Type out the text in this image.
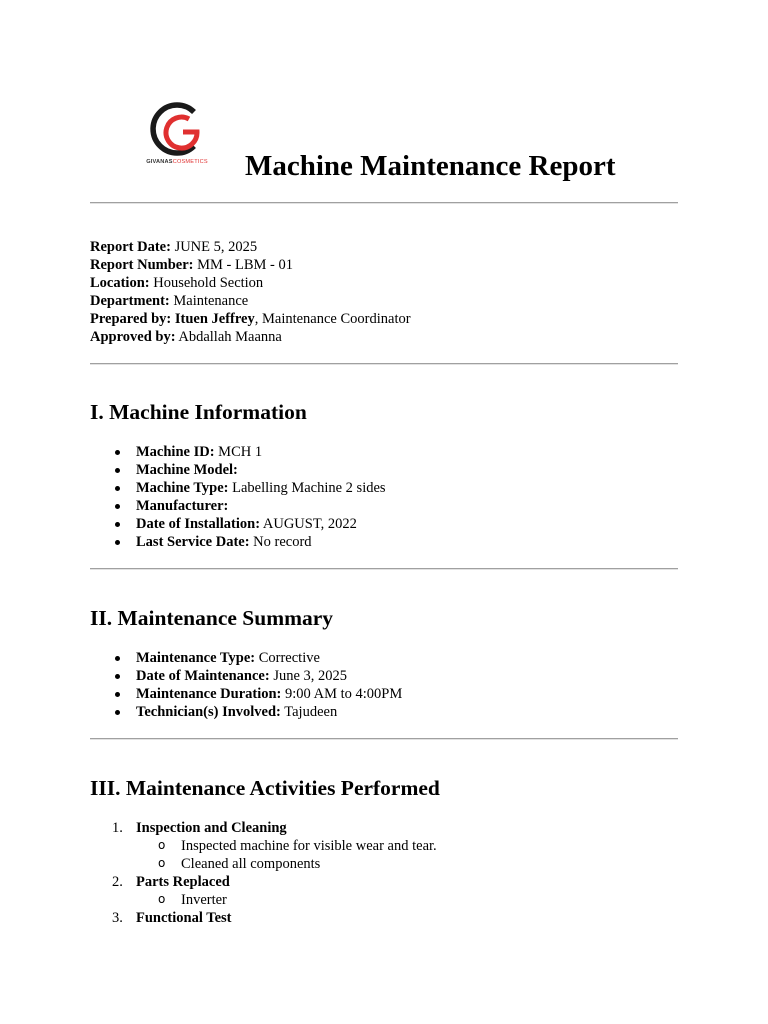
GIVANASCOSMETICS	Machine Maintenance Report
Report Date: JUNE 5, 2025
Report Number: MM - LBM - 01
Location: Household Section
Department: Maintenance
Prepared by: Ituen Jeffrey, Maintenance Coordinator
Approved by: Abdallah Maanna
I. Machine Information
Machine ID: MCH 1
Machine Model:
Machine Type: Labelling Machine 2 sides
Manufacturer:
Date of Installation: AUGUST, 2022
Last Service Date: No record
II. Maintenance Summary
Maintenance Type: Corrective
Date of Maintenance: June 3, 2025
Maintenance Duration: 9:00 AM to 4:00PM
Technician(s) Involved: Tajudeen
III. Maintenance Activities Performed
1. Inspection and Cleaning
o Inspected machine for visible wear and tear.
o Cleaned all components
2. Parts Replaced
o Inverter
3. Functional Test
